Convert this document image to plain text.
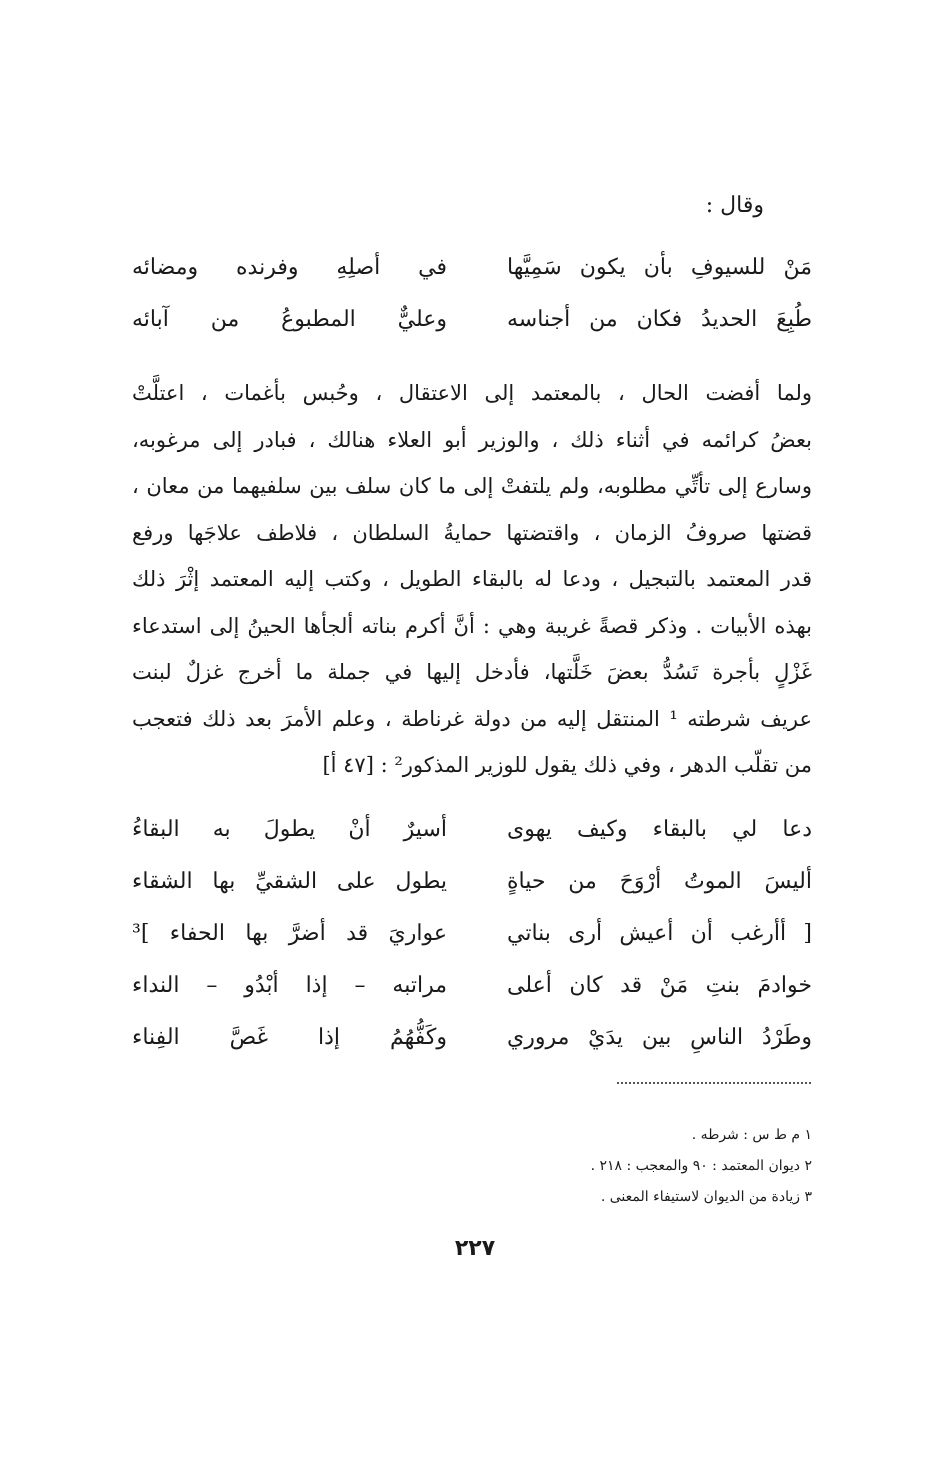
وقال :

مَنْ للسيوفِ بأن يكون سَمِيَّها
في أصلِهِ وفرنده ومضائه
طُبِعَ الحديدُ فكان من أجناسه
وعليٌّ المطبوعُ من آبائه
ولما أفضت الحال ، بالمعتمد إلى الاعتقال ، وحُبس بأغمات ، اعتلَّتْ
بعضُ كرائمه في أثناء ذلك ، والوزير أبو العلاء هنالك ، فبادر إلى مرغوبه،
وسارع إلى تأتِّي مطلوبه، ولم يلتفتْ إلى ما كان سلف بين سلفيهما من معان ،
قضتها صروفُ الزمان ، واقتضتها حمايةُ السلطان ، فلاطف علاجَها ورفع
قدر المعتمد بالتبجيل ، ودعا له بالبقاء الطويل ، وكتب إليه المعتمد إثْرَ ذلك
بهذه الأبيات . وذكر قصةً غريبة وهي : أنَّ أكرم بناته ألجأها الحينُ إلى استدعاء
غَزْلٍ بأجرة تَسُدُّ بعضَ خَلَّتها، فأدخل إليها في جملة ما أخرج غزلٌ لبنت
عريف شرطته ¹ المنتقل إليه من دولة غرناطة ، وعلم الأمرَ بعد ذلك فتعجب
من تقلّب الدهر ، وفي ذلك يقول للوزير المذكور² : [٤٧ أ]
دعا لي بالبقاء وكيف يهوى
أسيرٌ أنْ يطولَ به البقاءُ
أليسَ الموتُ أرْوَحَ من حياةٍ
يطول على الشقيِّ بها الشقاء
[ أأرغب أن أعيش أرى بناتي
عواريَ قد أضرَّ بها الحفاء ]³
خوادمَ بنتِ مَنْ قد كان أعلى
مراتبه – إذا أبْدُو – النداء
وطَرْدُ الناسِ بين يدَيْ مروري
وكَفُّهُمُ إذا غَصَّ الفِناء
١ م ط س : شرطه .
٢ ديوان المعتمد : ٩٠ والمعجب : ٢١٨ .
٣ زيادة من الديوان لاستيفاء المعنى .
٢٢٧
